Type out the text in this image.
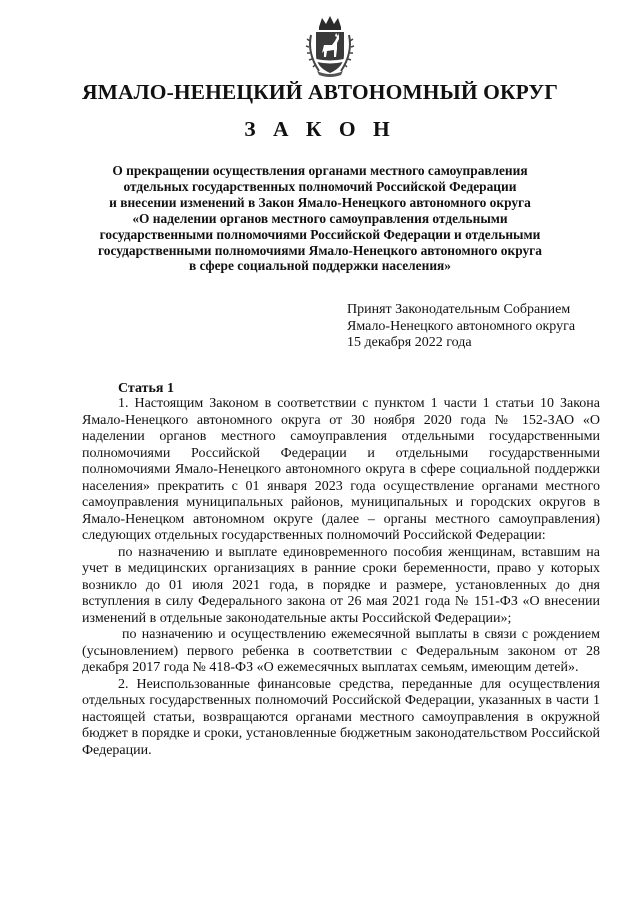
ЯМАЛО-НЕНЕЦКИЙ АВТОНОМНЫЙ ОКРУГ
З А К О Н
О прекращении осуществления органами местного самоуправления
отдельных государственных полномочий Российской Федерации
и внесении изменений в Закон Ямало-Ненецкого автономного округа
«О наделении органов местного самоуправления отдельными
государственными полномочиями Российской Федерации и отдельными
государственными полномочиями Ямало-Ненецкого автономного округа
в сфере социальной поддержки населения»
Принят Законодательным Собранием
Ямало-Ненецкого автономного округа
15 декабря 2022 года
Статья 1

1. Настоящим Законом в соответствии с пунктом 1 части 1 статьи 10 Закона Ямало-Ненецкого автономного округа от 30 ноября 2020 года № 152-ЗАО «О наделении органов местного самоуправления отдельными государственными полномочиями Российской Федерации и отдельными государственными полномочиями Ямало-Ненецкого автономного округа в сфере социальной поддержки населения» прекратить с 01 января 2023 года осуществление органами местного самоуправления муниципальных районов, муниципальных и городских округов в Ямало-Ненецком автономном округе (далее – органы местного самоуправления) следующих отдельных государственных полномочий Российской Федерации:

по назначению и выплате единовременного пособия женщинам, вставшим на учет в медицинских организациях в ранние сроки беременности, право у которых возникло до 01 июля 2021 года, в порядке и размере, установленных до дня вступления в силу Федерального закона от 26 мая 2021 года № 151-ФЗ «О внесении изменений в отдельные законодательные акты Российской Федерации»;

по назначению и осуществлению ежемесячной выплаты в связи с рождением (усыновлением) первого ребенка в соответствии с Федеральным законом от 28 декабря 2017 года № 418-ФЗ «О ежемесячных выплатах семьям, имеющим детей».

2. Неиспользованные финансовые средства, переданные для осуществления отдельных государственных полномочий Российской Федерации, указанных в части 1 настоящей статьи, возвращаются органами местного самоуправления в окружной бюджет в порядке и сроки, установленные бюджетным законодательством Российской Федерации.
